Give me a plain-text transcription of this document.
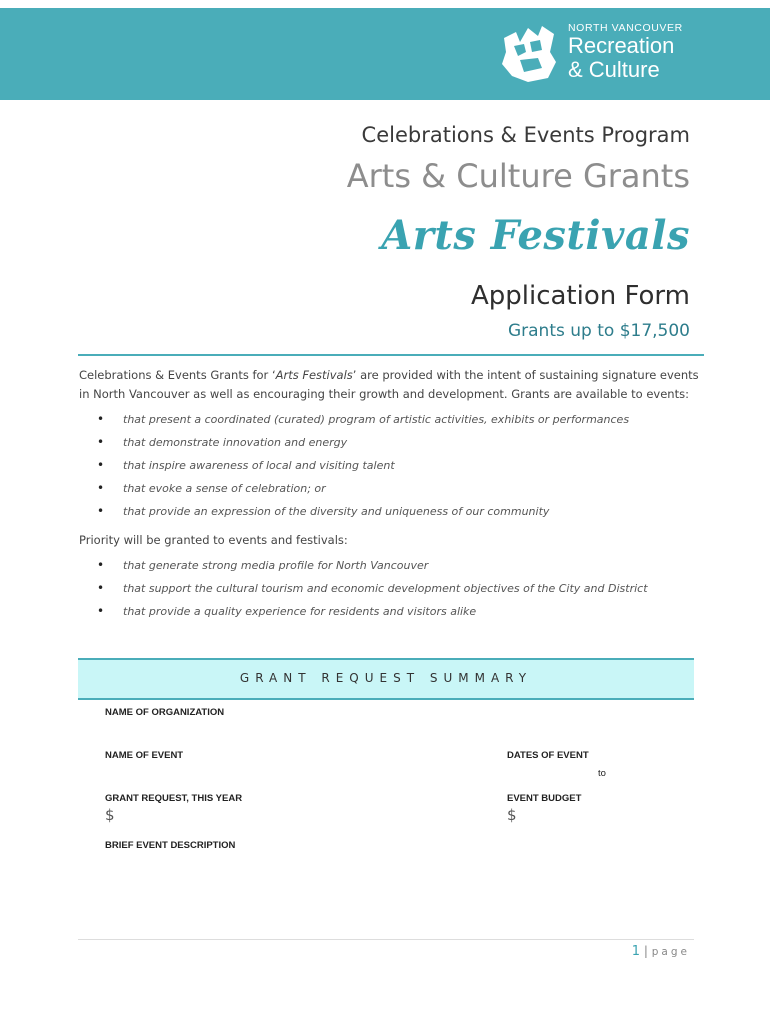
NORTH VANCOUVER
Recreation
& Culture
Celebrations & Events Program
Arts & Culture Grants
Arts Festivals
Application Form
Grants up to $17,500

Celebrations & Events Grants for ‘Arts Festivals’ are provided with the intent of sustaining signature events in North Vancouver as well as encouraging their growth and development. Grants are available to events:

• that present a coordinated (curated) program of artistic activities, exhibits or performances
• that demonstrate innovation and energy
• that inspire awareness of local and visiting talent
• that evoke a sense of celebration; or
• that provide an expression of the diversity and uniqueness of our community

Priority will be granted to events and festivals:

• that generate strong media profile for North Vancouver
• that support the cultural tourism and economic development objectives of the City and District
• that provide a quality experience for residents and visitors alike
GRANT REQUEST SUMMARY
NAME OF ORGANIZATION
NAME OF EVENT	DATES OF EVENT
to
GRANT REQUEST, THIS YEAR
$
EVENT BUDGET
$
BRIEF EVENT DESCRIPTION
1 | page
